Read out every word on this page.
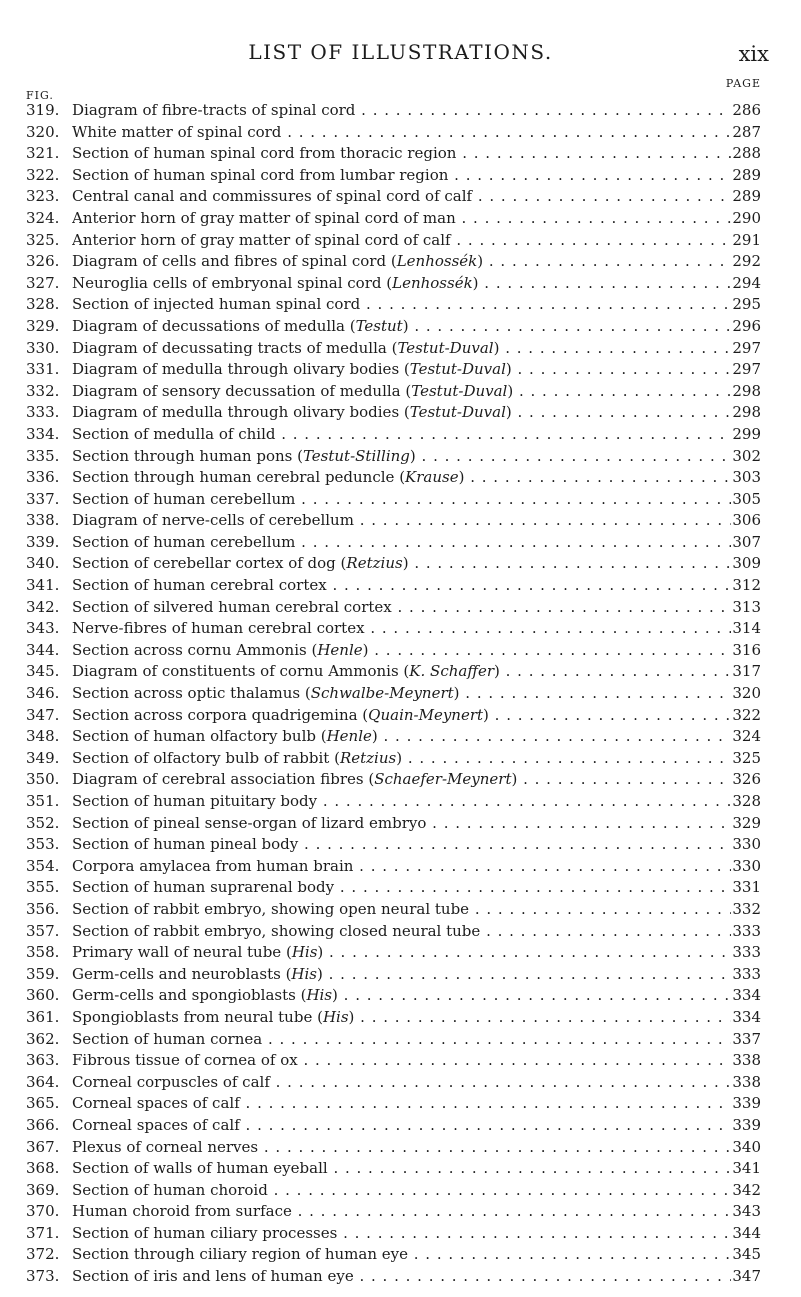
LIST OF ILLUSTRATIONS.	xix
FIG.
PAGE
319. Diagram of fibre-tracts of spinal cord . . .	286
320. White matter of spinal cord . . .	287
321. Section of human spinal cord from thoracic region . . .	288
322. Section of human spinal cord from lumbar region . . .	289
323. Central canal and commissures of spinal cord of calf . . .	289
324. Anterior horn of gray matter of spinal cord of man . . .	290
325. Anterior horn of gray matter of spinal cord of calf . . .	291
326. Diagram of cells and fibres of spinal cord (Lenhossék) . . .	292
327. Neuroglia cells of embryonal spinal cord (Lenhossék) . . .	294
328. Section of injected human spinal cord . . .	295
329. Diagram of decussations of medulla (Testut) . . .	296
330. Diagram of decussating tracts of medulla (Testut-Duval) . . .	297
331. Diagram of medulla through olivary bodies (Testut-Duval) . . .	297
332. Diagram of sensory decussation of medulla (Testut-Duval) . . .	298
333. Diagram of medulla through olivary bodies (Testut-Duval) . . .	298
334. Section of medulla of child . . .	299
335. Section through human pons (Testut-Stilling) . . .	302
336. Section through human cerebral peduncle (Krause) . . .	303
337. Section of human cerebellum . . .	305
338. Diagram of nerve-cells of cerebellum . . .	306
339. Section of human cerebellum . . .	307
340. Section of cerebellar cortex of dog (Retzius) . . .	309
341. Section of human cerebral cortex . . .	312
342. Section of silvered human cerebral cortex . . .	313
343. Nerve-fibres of human cerebral cortex . . .	314
344. Section across cornu Ammonis (Henle) . . .	316
345. Diagram of constituents of cornu Ammonis (K. Schaffer) . . .	317
346. Section across optic thalamus (Schwalbe-Meynert) . . .	320
347. Section across corpora quadrigemina (Quain-Meynert) . . .	322
348. Section of human olfactory bulb (Henle) . . .	324
349. Section of olfactory bulb of rabbit (Retzius) . . .	325
350. Diagram of cerebral association fibres (Schaefer-Meynert) . . .	326
351. Section of human pituitary body . . .	328
352. Section of pineal sense-organ of lizard embryo . . .	329
353. Section of human pineal body . . .	330
354. Corpora amylacea from human brain . . .	330
355. Section of human suprarenal body . . .	331
356. Section of rabbit embryo, showing open neural tube . . .	332
357. Section of rabbit embryo, showing closed neural tube . . .	333
358. Primary wall of neural tube (His) . . .	333
359. Germ-cells and neuroblasts (His) . . .	333
360. Germ-cells and spongioblasts (His) . . .	334
361. Spongioblasts from neural tube (His) . . .	334
362. Section of human cornea . . .	337
363. Fibrous tissue of cornea of ox . . .	338
364. Corneal corpuscles of calf . . .	338
365. Corneal spaces of calf . . .	339
366. Corneal spaces of calf . . .	339
367. Plexus of corneal nerves . . .	340
368. Section of walls of human eyeball . . .	341
369. Section of human choroid . . .	342
370. Human choroid from surface . . .	343
371. Section of human ciliary processes . . .	344
372. Section through ciliary region of human eye . . .	345
373. Section of iris and lens of human eye . . .	347
